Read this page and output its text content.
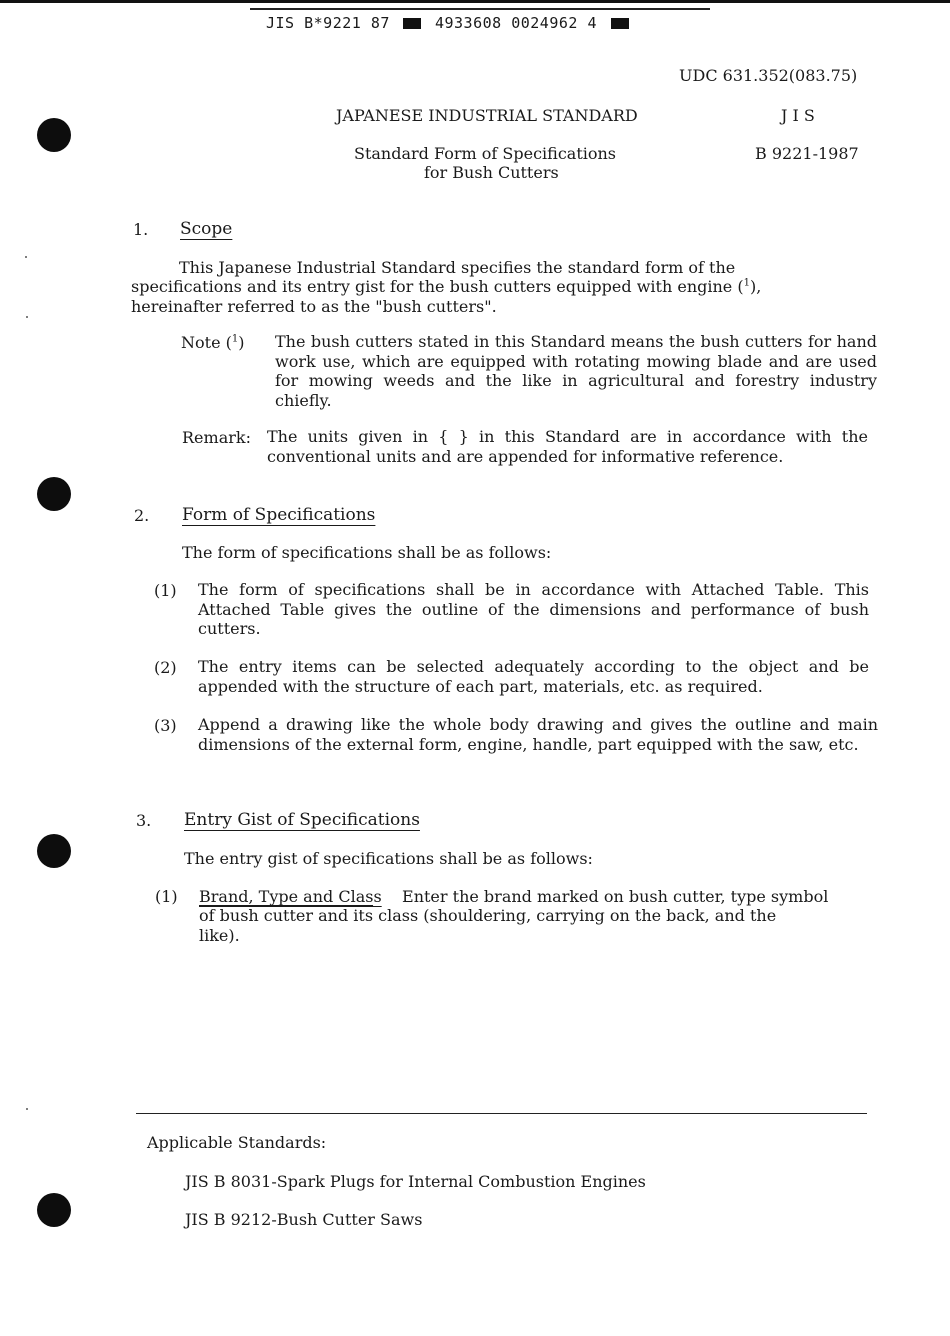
JIS B*9221 87	4933608 0024962 4
UDC 631.352(083.75)
JAPANESE INDUSTRIAL STANDARD	J I S
Standard Form of Specifications
for Bush Cutters
B 9221-1987
1. Scope
This Japanese Industrial Standard specifies the standard form of the
specifications and its entry gist for the bush cutters equipped with engine ($^1$),
hereinafter referred to as the "bush cutters".
Note ($^1$) The bush cutters stated in this Standard means the bush cutters for hand work use, which are equipped with rotating mowing blade and are used for mowing weeds and the like in agricultural and forestry industry chiefly.
Remark: The units given in { } in this Standard are in accordance with the conventional units and are appended for informative reference.
2. Form of Specifications
The form of specifications shall be as follows:
(1) The form of specifications shall be in accordance with Attached Table. This Attached Table gives the outline of the dimensions and performance of bush cutters.
(2) The entry items can be selected adequately according to the object and be appended with the structure of each part, materials, etc. as required.
(3) Append a drawing like the whole body drawing and gives the outline and main dimensions of the external form, engine, handle, part equipped with the saw, etc.
3. Entry Gist of Specifications
The entry gist of specifications shall be as follows:
(1) Brand, Type and Class Enter the brand marked on bush cutter, type symbol
of bush cutter and its class (shouldering, carrying on the back, and the
like).
Applicable Standards:
JIS B 8031-Spark Plugs for Internal Combustion Engines
JIS B 9212-Bush Cutter Saws
